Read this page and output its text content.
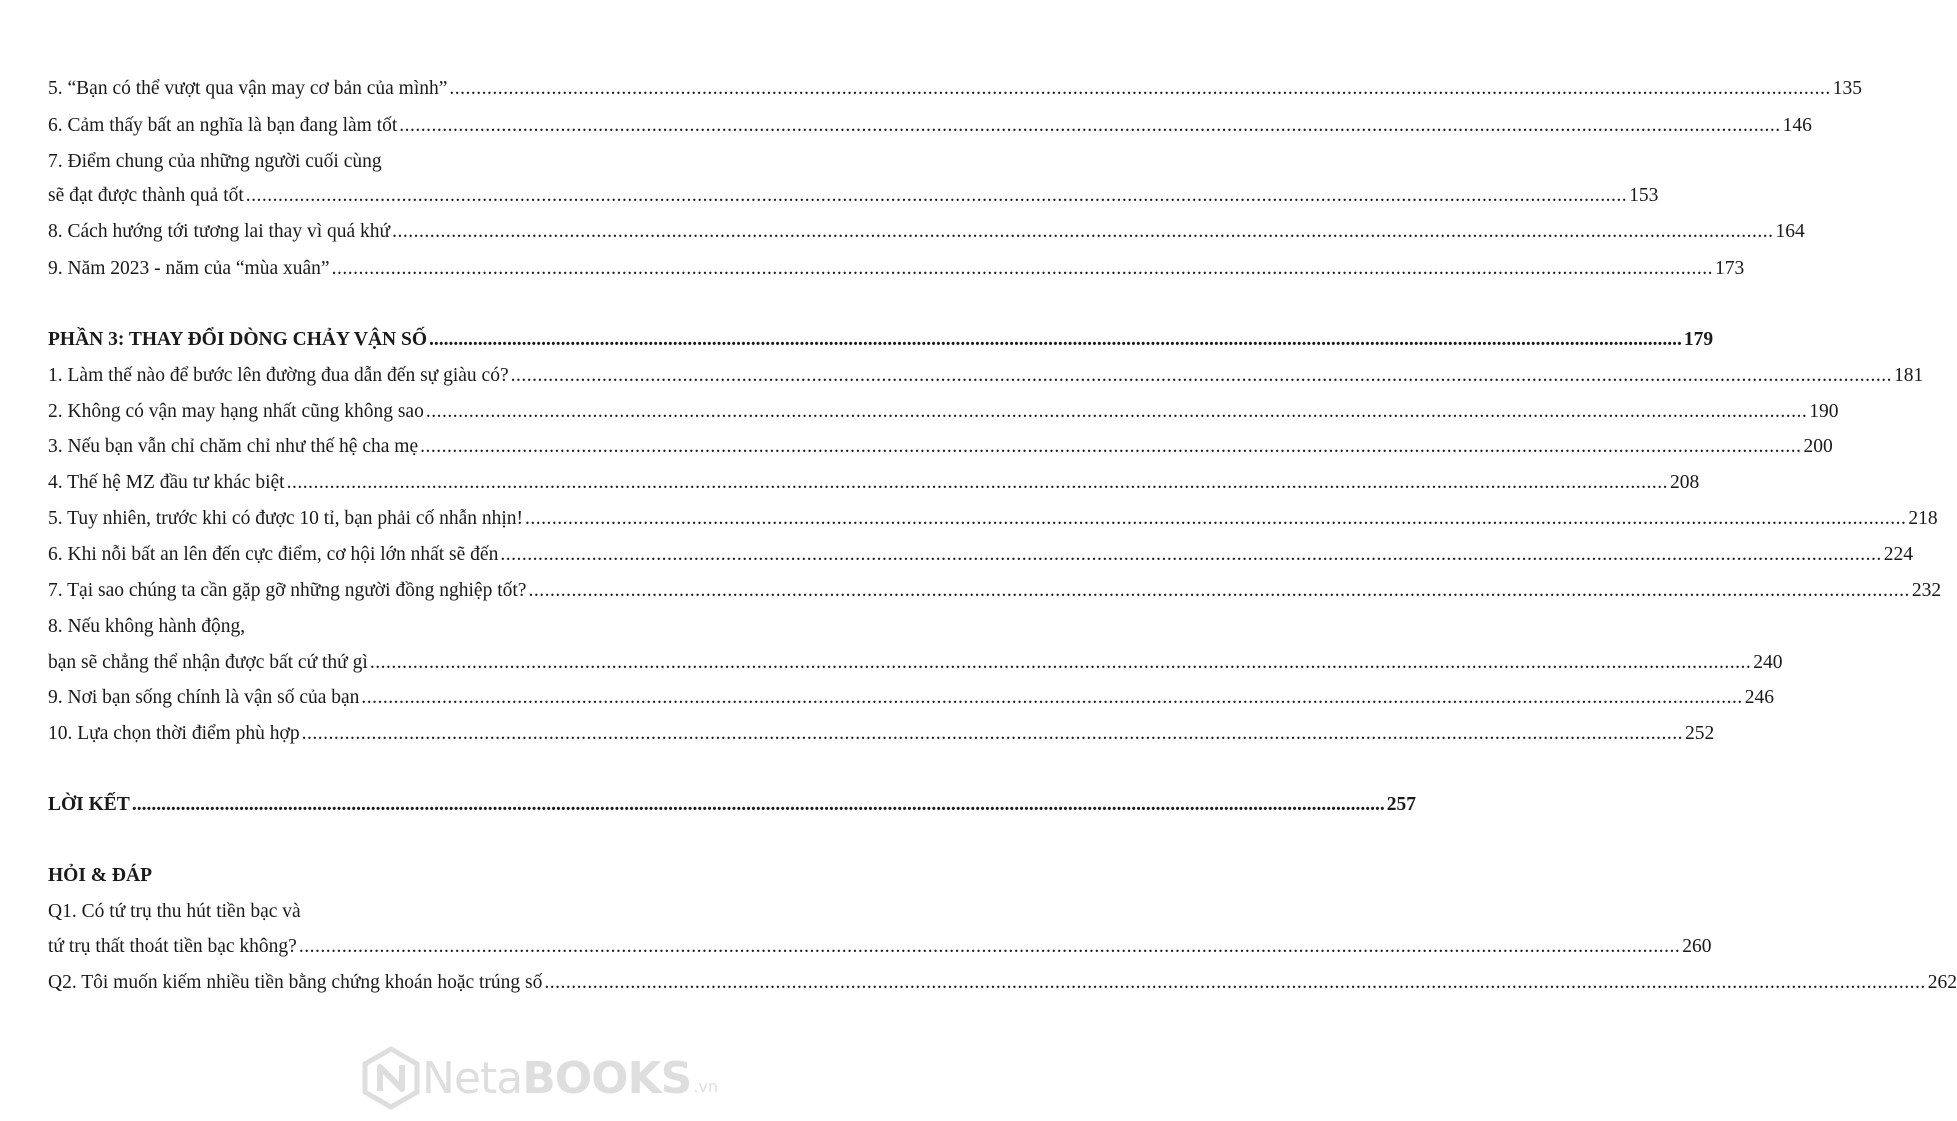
5. “Bạn có thể vượt qua vận may cơ bản của mình” .....	135
6. Cảm thấy bất an nghĩa là bạn đang làm tốt .....	146
7. Điểm chung của những người cuối cùng
sẽ đạt được thành quả tốt .....	153
8. Cách hướng tới tương lai thay vì quá khứ .....	164
9. Năm 2023 - năm của “mùa xuân” .....	173
PHẦN 3: THAY ĐỔI DÒNG CHẢY VẬN SỐ .....	179
1. Làm thế nào để bước lên đường đua dẫn đến sự giàu có? .....	181
2. Không có vận may hạng nhất cũng không sao .....	190
3. Nếu bạn vẫn chỉ chăm chỉ như thế hệ cha mẹ .....	200
4. Thế hệ MZ đầu tư khác biệt .....	208
5. Tuy nhiên, trước khi có được 10 tỉ, bạn phải cố nhẫn nhịn! .....	218
6. Khi nỗi bất an lên đến cực điểm, cơ hội lớn nhất sẽ đến .....	224
7. Tại sao chúng ta cần gặp gỡ những người đồng nghiệp tốt? .....	232
8. Nếu không hành động,
bạn sẽ chẳng thể nhận được bất cứ thứ gì .....	240
9. Nơi bạn sống chính là vận số của bạn .....	246
10. Lựa chọn thời điểm phù hợp .....	252
LỜI KẾT .....	257
HỎI & ĐÁP
Q1. Có tứ trụ thu hút tiền bạc và
tứ trụ thất thoát tiền bạc không? .....	260
Q2. Tôi muốn kiếm nhiều tiền bằng chứng khoán hoặc trúng số .....	262
NetaBOOKS .vn
